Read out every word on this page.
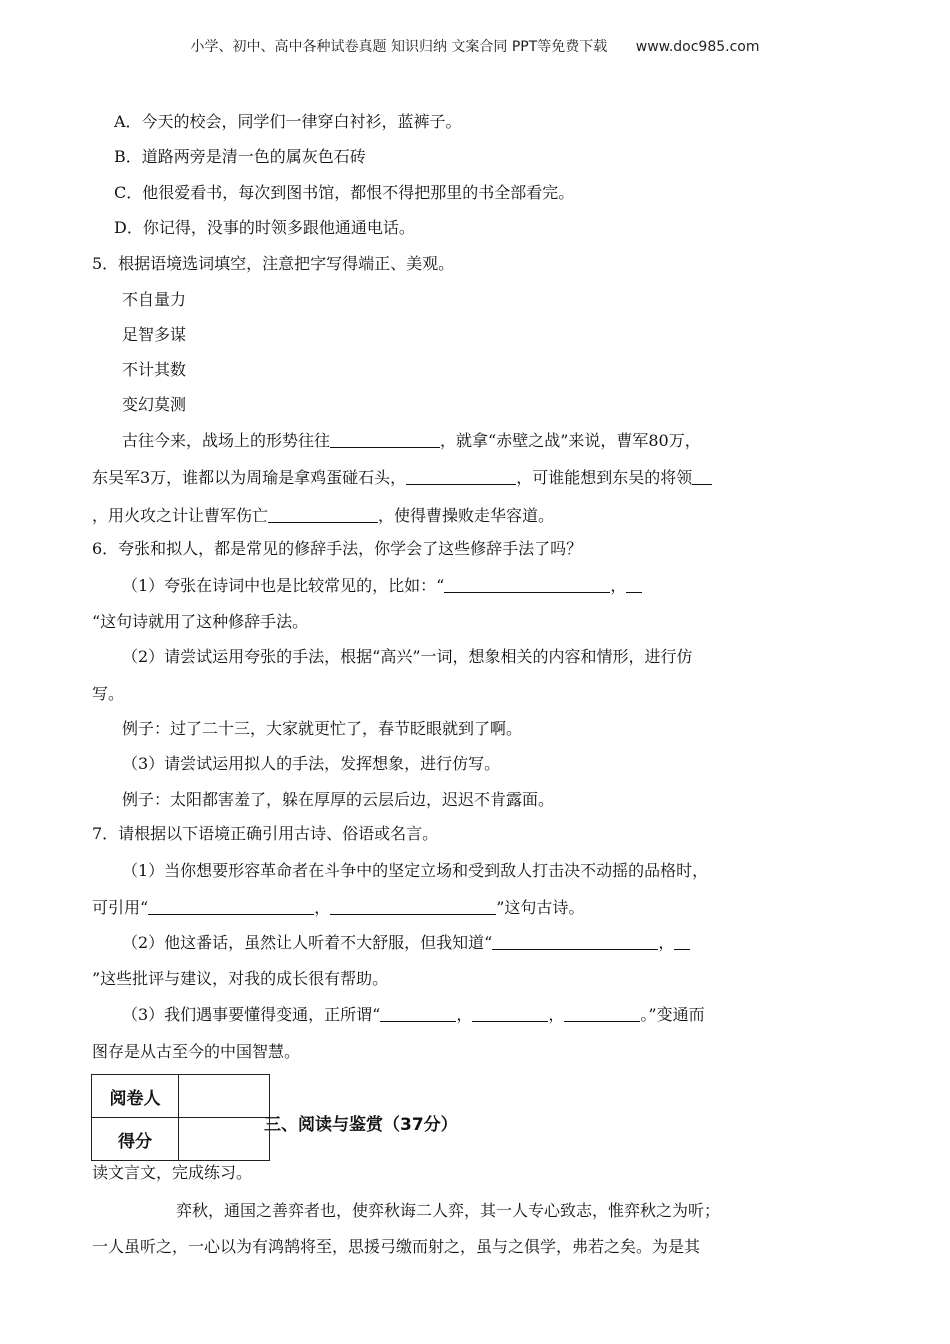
小学、初中、高中各种试卷真题 知识归纳 文案合同 PPT等免费下载 www.doc985.com
A．今天的校会，同学们一律穿白衬衫，蓝裤子。
B．道路两旁是清一色的属灰色石砖
C．他很爱看书，每次到图书馆，都恨不得把那里的书全部看完。
D．你记得，没事的时领多跟他通通电话。
5．根据语境选词填空，注意把字写得端正、美观。
不自量力
足智多谋
不计其数
变幻莫测
古往今来，战场上的形势往往	，就拿“赤壁之战”来说，曹军80万，
东吴军3万，谁都以为周瑜是拿鸡蛋碰石头，	，可谁能想到东吴的将领
，用火攻之计让曹军伤亡	，使得曹操败走华容道。
6．夸张和拟人，都是常见的修辞手法，你学会了这些修辞手法了吗？
（1）夸张在诗词中也是比较常见的，比如：“	，
“这句诗就用了这种修辞手法。
（2）请尝试运用夸张的手法，根据“高兴”一词，想象相关的内容和情形，进行仿
写。
例子：过了二十三，大家就更忙了，春节眨眼就到了啊。
（3）请尝试运用拟人的手法，发挥想象，进行仿写。
例子：太阳都害羞了，躲在厚厚的云层后边，迟迟不肯露面。
7．请根据以下语境正确引用古诗、俗语或名言。
（1）当你想要形容革命者在斗争中的坚定立场和受到敌人打击决不动摇的品格时，
可引用“	，	”这句古诗。
（2）他这番话，虽然让人听着不大舒服，但我知道“	，
”这些批评与建议，对我的成长很有帮助。
（3）我们遇事要懂得变通，正所谓“	，	，	。”变通而
图存是从古至今的中国智慧。
阅卷人	
得分	
三、阅读与鉴赏（37分）
读文言文，完成练习。
弈秋，通国之善弈者也，使弈秋诲二人弈，其一人专心致志，惟弈秋之为听；
一人虽听之，一心以为有鸿鹄将至，思援弓缴而射之，虽与之俱学，弗若之矣。为是其
